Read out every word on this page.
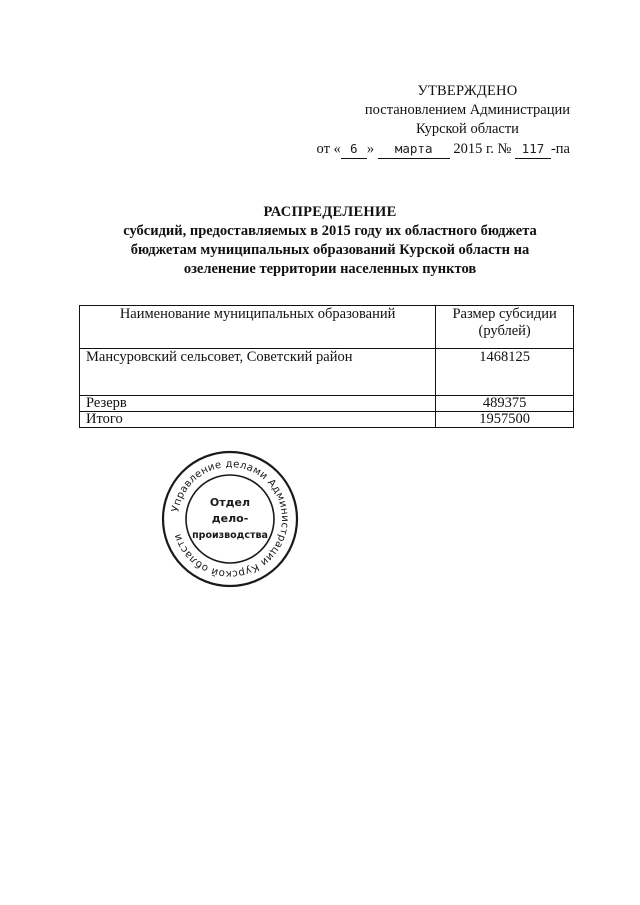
УТВЕРЖДЕНО
постановлением Администрации
Курской области
от « 6 » марта 2015 г. № 117 -па
РАСПРЕДЕЛЕНИЕ
субсидий, предоставляемых в 2015 году их областного бюджета
бюджетам муниципальных образований Курской областн на
озеленение территории населенных пунктов
Наименование муниципальных образований	Размер субсидии (рублей)
Мансуровский сельсовет, Советский район	1468125
Резерв	489375
Итого	1957500
Управление делами Администрации Курской области
Отдел
дело-
производства
